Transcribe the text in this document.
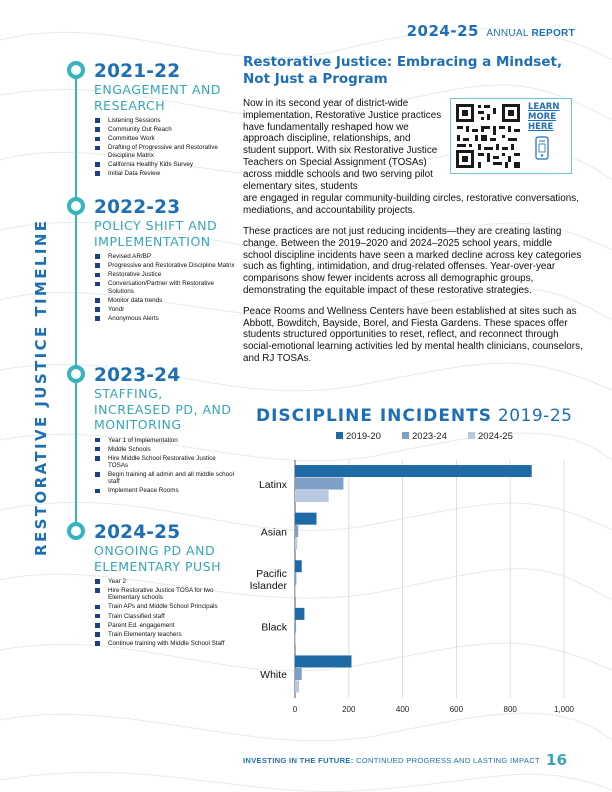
2024-25 ANNUAL REPORT
RESTORATIVE JUSTICE TIMELINE
2021-22
ENGAGEMENT AND RESEARCH
Listening Sessions
Community Out Reach
Committee Work
Drafting of Progressive and Restorative Discipline Matrix
California Healthy Kids Survey
Initial Data Review
2022-23
POLICY SHIFT AND IMPLEMENTATION
Revised AR/BP
Progressive and Restorative Discipline Matrix
Restorative Justice
Conversation/Partner with Restorative Solutions
Monitor data trends
Yondr
Anonymous Alerts
2023-24
STAFFING, INCREASED PD, AND MONITORING
Year 1 of Implementation
Middle Schools
Hire Middle School Restorative Justice TOSAs
Begin training all admin and all middle school staff
Implement Peace Rooms
2024-25
ONGOING PD AND ELEMENTARY PUSH
Year 2
Hire Restorative Justice TOSA for two Elementary schools
Train APs and Middle School Principals
Train Classified staff
Parent Ed. engagement
Train Elementary teachers
Continue training with Middle School Staff
Restorative Justice: Embracing a Mindset, Not Just a Program

Now in its second year of district-wide implementation, Restorative Justice practices have fundamentally reshaped how we approach discipline, relationships, and student support. With six Restorative Justice Teachers on Special Assignment (TOSAs) across middle schools and two serving pilot elementary sites, students

are engaged in regular community-building circles, restorative conversations, mediations, and accountability projects.

These practices are not just reducing incidents—they are creating lasting change. Between the 2019–2020 and 2024–2025 school years, middle school discipline incidents have seen a marked decline across key categories such as fighting, intimidation, and drug-related offenses. Year-over-year comparisons show fewer incidents across all demographic groups, demonstrating the equitable impact of these restorative strategies.

Peace Rooms and Wellness Centers have been established at sites such as Abbott, Bowditch, Bayside, Borel, and Fiesta Gardens. These spaces offer students structured opportunities to reset, reflect, and reconnect through social-emotional learning activities led by mental health clinicians, counselors, and RJ TOSAs.

LEARN
MORE
HERE
DISCIPLINE INCIDENTS 2019-25
2019-20	2023-24	2024-25
0	200	400	600	800	1,000
Latinx
Asian
Pacific
Islander
Black
White
INVESTING IN THE FUTURE: CONTINUED PROGRESS AND LASTING IMPACT 16
